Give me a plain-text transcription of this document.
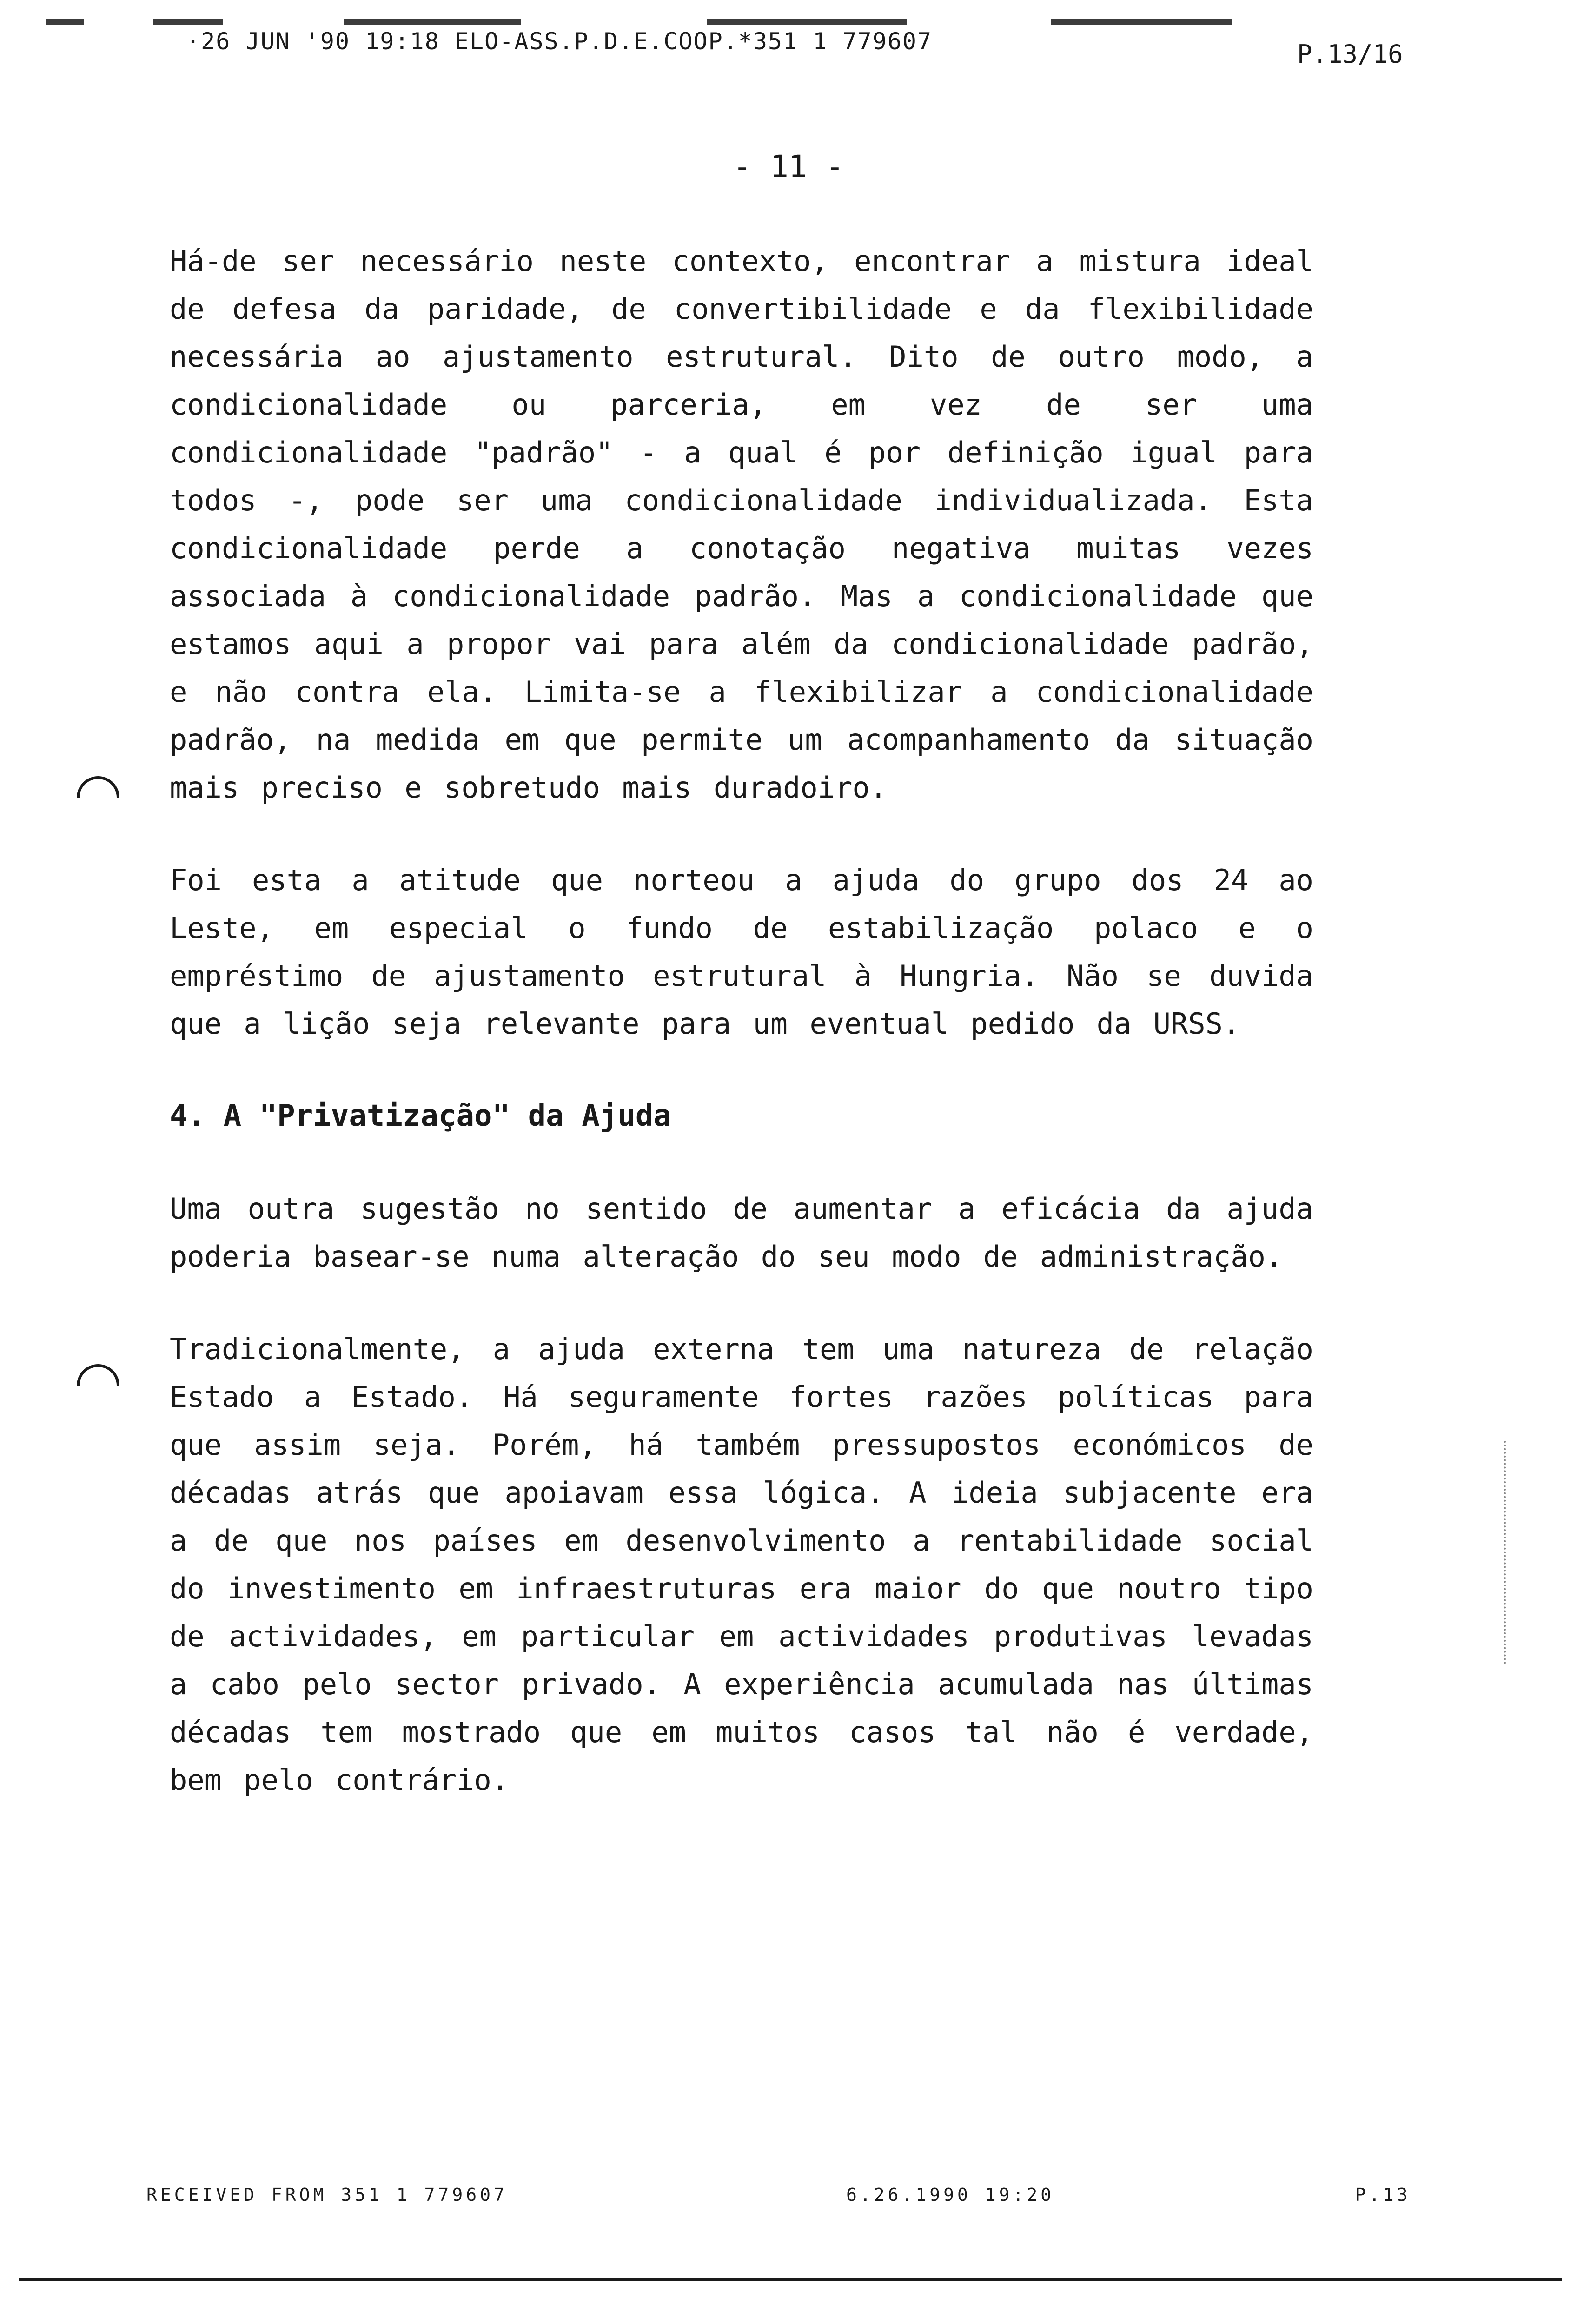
·26 JUN '90 19:18 ELO-ASS.P.D.E.COOP.*351 1 779607	P.13/16
- 11 -

Há-de ser necessário neste contexto, encontrar a mistura ideal de defesa da paridade, de convertibilidade e da flexibilidade necessária ao ajustamento estrutural. Dito de outro modo, a condicionalidade ou parceria, em vez de ser uma condicionalidade "padrão" - a qual é por definição igual para todos -, pode ser uma condicionalidade individualizada. Esta condicionalidade perde a conotação negativa muitas vezes associada à condicionalidade padrão. Mas a condicionalidade que estamos aqui a propor vai para além da condicionalidade padrão, e não contra ela. Limita-se a flexibilizar a condicionalidade padrão, na medida em que permite um acompanhamento da situação mais preciso e sobretudo mais duradoiro.

Foi esta a atitude que norteou a ajuda do grupo dos 24 ao Leste, em especial o fundo de estabilização polaco e o empréstimo de ajustamento estrutural à Hungria. Não se duvida que a lição seja relevante para um eventual pedido da URSS.

4. A "Privatização" da Ajuda

Uma outra sugestão no sentido de aumentar a eficácia da ajuda poderia basear-se numa alteração do seu modo de administração.

Tradicionalmente, a ajuda externa tem uma natureza de relação Estado a Estado. Há seguramente fortes razões políticas para que assim seja. Porém, há também pressupostos económicos de décadas atrás que apoiavam essa lógica. A ideia subjacente era a de que nos países em desenvolvimento a rentabilidade social do investimento em infraestruturas era maior do que noutro tipo de actividades, em particular em actividades produtivas levadas a cabo pelo sector privado. A experiência acumulada nas últimas décadas tem mostrado que em muitos casos tal não é verdade, bem pelo contrário.

RECEIVED FROM 351 1 779607	6.26.1990 19:20	P.13
